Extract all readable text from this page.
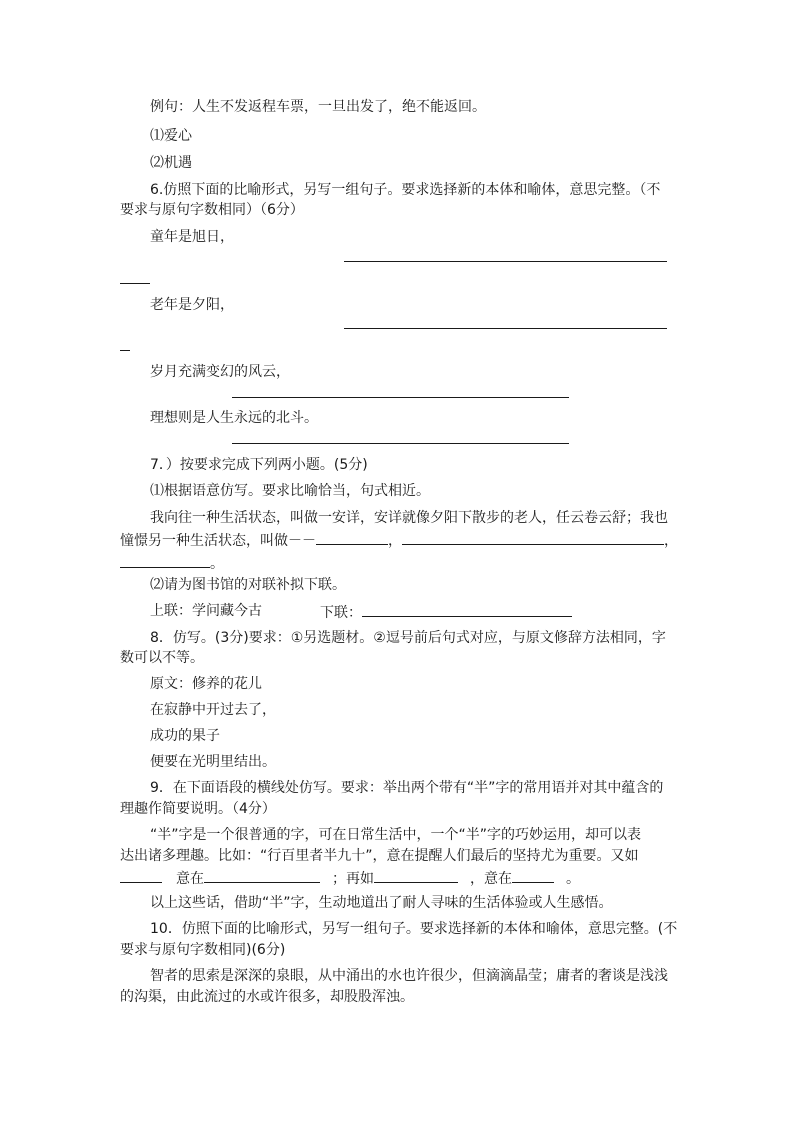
例句：人生不发返程车票，一旦出发了，绝不能返回。
⑴爱心
⑵机遇
6.仿照下面的比喻形式，另写一组句子。要求选择新的本体和喻体，意思完整。（不
要求与原句字数相同）（6分）
童年是旭日，
老年是夕阳，
岁月充满变幻的风云，
理想则是人生永远的北斗。
7．）按要求完成下列两小题。(5分)
⑴根据语意仿写。要求比喻恰当，句式相近。
我向往一种生活状态，叫做一安详，安详就像夕阳下散步的老人，任云卷云舒；我也
憧憬另一种生活状态，叫做－－	，	，
。
⑵请为图书馆的对联补拟下联。
上联：学问藏今古	下联：
8．仿写。(3分)要求：①另选题材。②逗号前后句式对应，与原文修辞方法相同，字
数可以不等。
原文：修养的花儿
在寂静中开过去了，
成功的果子
便要在光明里结出。
9．在下面语段的横线处仿写。要求：举出两个带有“半”字的常用语并对其中蕴含的
理趣作简要说明。（4分）
“半”字是一个很普通的字，可在日常生活中，一个“半”字的巧妙运用，却可以表
达出诸多理趣。比如：“行百里者半九十”，意在提醒人们最后的坚持尤为重要。又如
意在	；再如	，意在	。
以上这些话，借助“半”字，生动地道出了耐人寻味的生活体验或人生感悟。
10．仿照下面的比喻形式，另写一组句子。要求选择新的本体和喻体，意思完整。(不
要求与原句字数相同)(6分)
智者的思索是深深的泉眼，从中涌出的水也许很少，但滴滴晶莹；庸者的奢谈是浅浅
的沟渠，由此流过的水或许很多，却股股浑浊。
